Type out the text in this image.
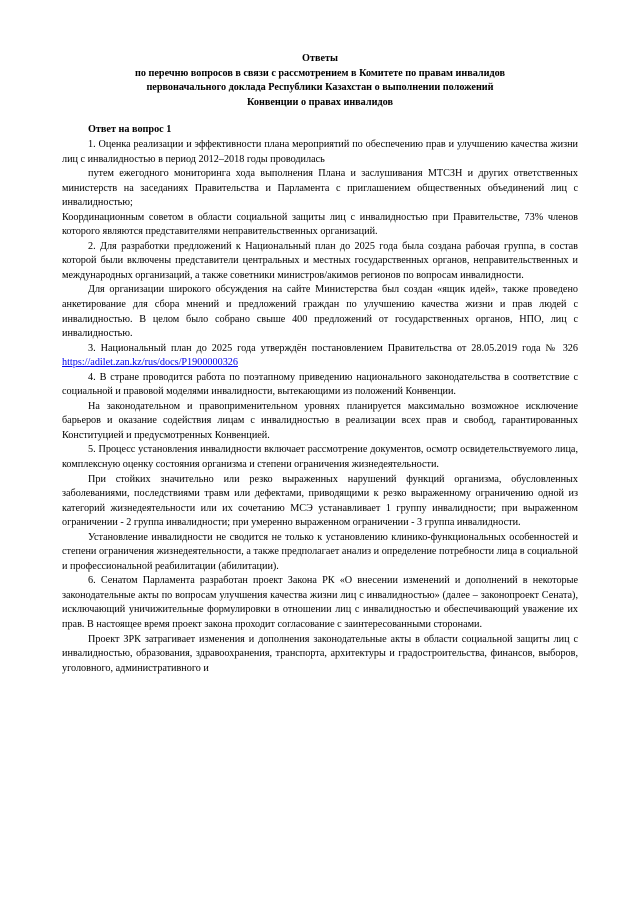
Ответы
по перечню вопросов в связи с рассмотрением в Комитете по правам инвалидов
первоначального доклада Республики Казахстан о выполнении положений
Конвенции о правах инвалидов
Ответ на вопрос 1

1. Оценка реализации и эффективности плана мероприятий по обеспечению прав и улучшению качества жизни лиц с инвалидностью в период 2012–2018 годы проводилась

путем ежегодного мониторинга хода выполнения Плана и заслушивания МТСЗН и других ответственных министерств на заседаниях Правительства и Парламента с приглашением общественных объединений лиц с инвалидностью;

Координационным советом в области социальной защиты лиц с инвалидностью при Правительстве, 73% членов которого являются представителями неправительственных организаций.

2. Для разработки предложений к Национальный план до 2025 года была создана рабочая группа, в состав которой были включены представители центральных и местных государственных органов, неправительственных и международных организаций, а также советники министров/акимов регионов по вопросам инвалидности.

Для организации широкого обсуждения на сайте Министерства был создан «ящик идей», также проведено анкетирование для сбора мнений и предложений граждан по улучшению качества жизни и прав людей с инвалидностью. В целом было собрано свыше 400 предложений от государственных органов, НПО, лиц с инвалидностью.

3. Национальный план до 2025 года утверждён постановлением Правительства от 28.05.2019 года № 326 https://adilet.zan.kz/rus/docs/P1900000326

4. В стране проводится работа по поэтапному приведению национального законодательства в соответствие с социальной и правовой моделями инвалидности, вытекающими из положений Конвенции.

На законодательном и правоприменительном уровнях планируется максимально возможное исключение барьеров и оказание содействия лицам с инвалидностью в реализации всех прав и свобод, гарантированных Конституцией и предусмотренных Конвенцией.

5. Процесс установления инвалидности включает рассмотрение документов, осмотр освидетельствуемого лица, комплексную оценку состояния организма и степени ограничения жизнедеятельности.

При стойких значительно или резко выраженных нарушений функций организма, обусловленных заболеваниями, последствиями травм или дефектами, приводящими к резко выраженному ограничению одной из категорий жизнедеятельности или их сочетанию МСЭ устанавливает 1 группу инвалидности; при выраженном ограничении - 2 группа инвалидности; при умеренно выраженном ограничении - 3 группа инвалидности.

Установление инвалидности не сводится не только к установлению клинико-функциональных особенностей и степени ограничения жизнедеятельности, а также предполагает анализ и определение потребности лица в социальной и профессиональной реабилитации (абилитации).

6. Сенатом Парламента разработан проект Закона РК «О внесении изменений и дополнений в некоторые законодательные акты по вопросам улучшения качества жизни лиц с инвалидностью» (далее – законопроект Сената), исключающий уничижительные формулировки в отношении лиц с инвалидностью и обеспечивающий уважение их прав. В настоящее время проект закона проходит согласование с заинтересованными сторонами.

Проект ЗРК затрагивает изменения и дополнения законодательные акты в области социальной защиты лиц с инвалидностью, образования, здравоохранения, транспорта, архитектуры и градостроительства, финансов, выборов, уголовного, административного и
